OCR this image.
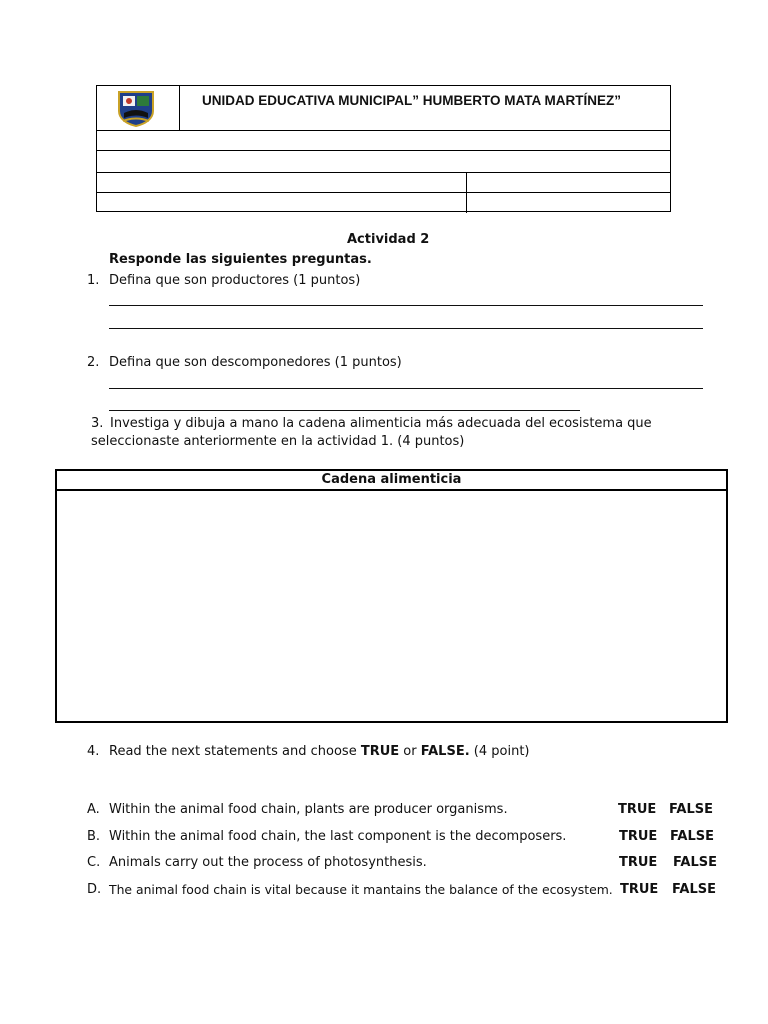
UNIDAD EDUCATIVA MUNICIPAL” HUMBERTO MATA MARTÍNEZ”
Actividad 2
Responde las siguientes preguntas.
1. Defina que son productores (1 puntos)
2. Defina que son descomponedores (1 puntos)
3. Investiga y dibuja a mano la cadena alimenticia más adecuada del ecosistema que
seleccionaste anteriormente en la actividad 1. (4 puntos)
Cadena alimenticia
4. Read the next statements and choose TRUE or FALSE. (4 point)
A. Within the animal food chain, plants are producer organisms.	TRUE FALSE
B. Within the animal food chain, the last component is the decomposers.	TRUE FALSE
C. Animals carry out the process of photosynthesis.	TRUE FALSE
D. The animal food chain is vital because it mantains the balance of the ecosystem. TRUE FALSE
